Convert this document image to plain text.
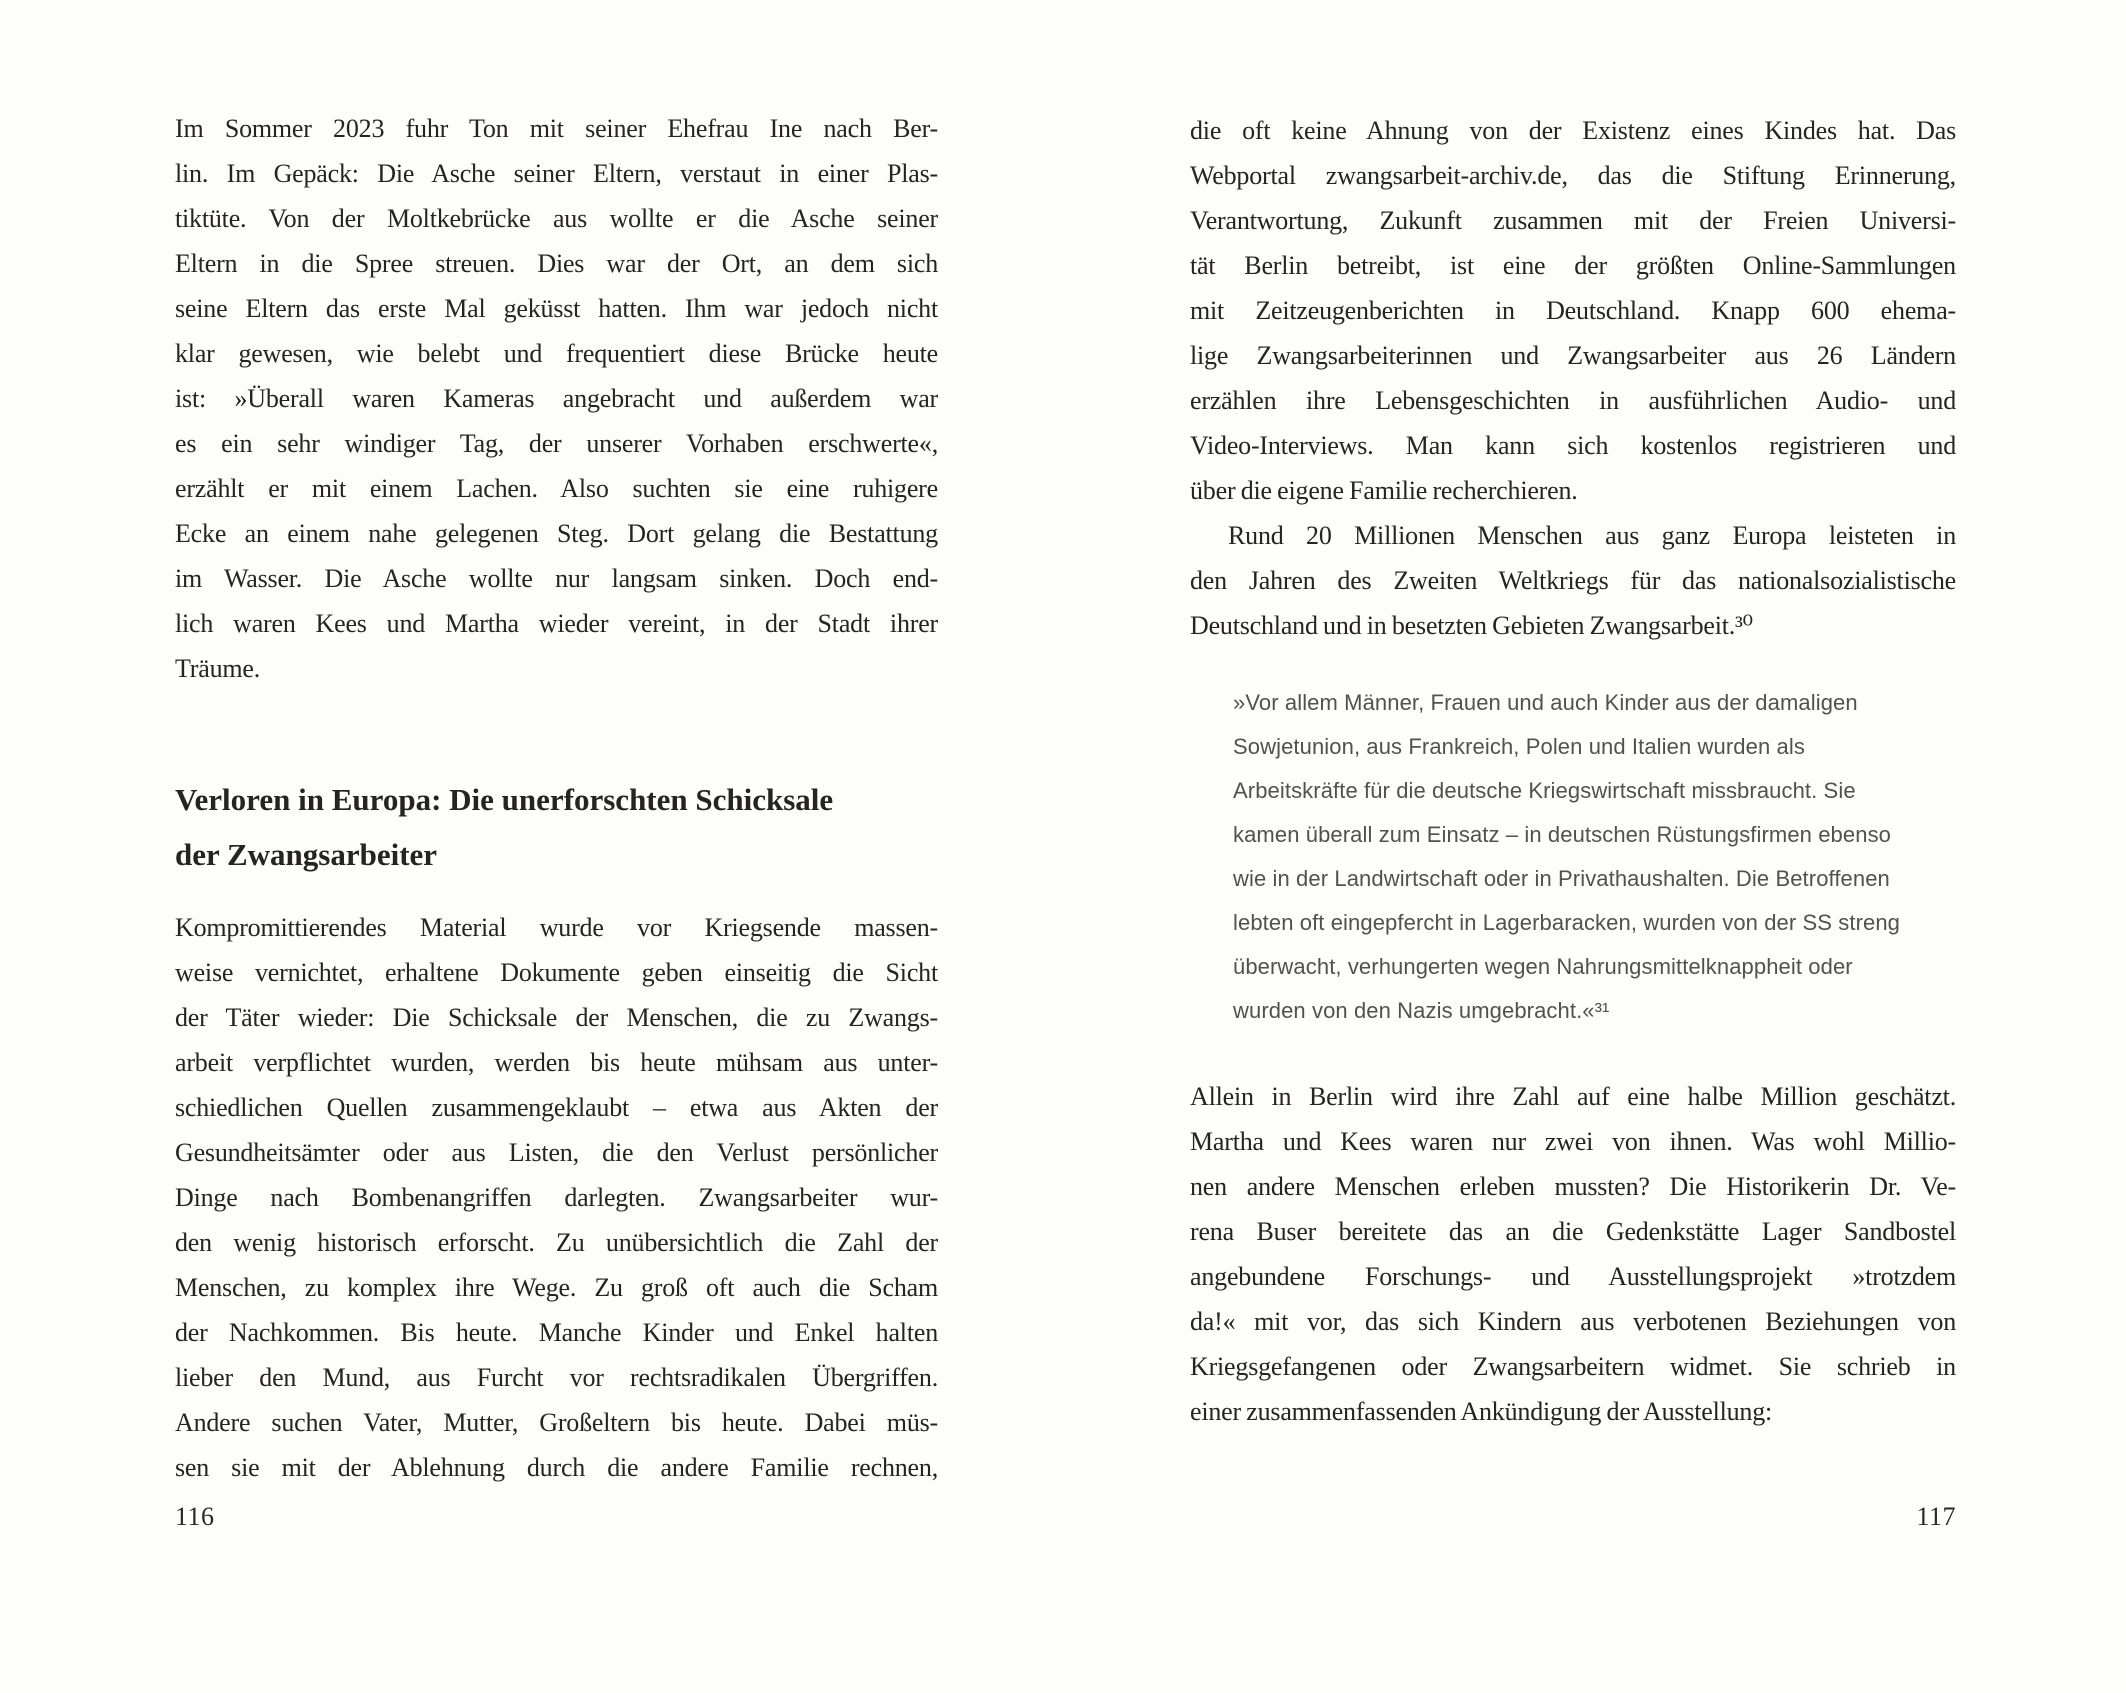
Im Sommer 2023 fuhr Ton mit seiner Ehefrau Ine nach Ber-
lin. Im Gepäck: Die Asche seiner Eltern, verstaut in einer Plas-
tiktüte. Von der Moltkebrücke aus wollte er die Asche seiner
Eltern in die Spree streuen. Dies war der Ort, an dem sich
seine Eltern das erste Mal geküsst hatten. Ihm war jedoch nicht
klar gewesen, wie belebt und frequentiert diese Brücke heute
ist: »Überall waren Kameras angebracht und außerdem war
es ein sehr windiger Tag, der unserer Vorhaben erschwerte«,
erzählt er mit einem Lachen. Also suchten sie eine ruhigere
Ecke an einem nahe gelegenen Steg. Dort gelang die Bestattung
im Wasser. Die Asche wollte nur langsam sinken. Doch end-
lich waren Kees und Martha wieder vereint, in der Stadt ihrer
Träume.
Verloren in Europa: Die unerforschten Schicksale
der Zwangsarbeiter
Kompromittierendes Material wurde vor Kriegsende massen-
weise vernichtet, erhaltene Dokumente geben einseitig die Sicht
der Täter wieder: Die Schicksale der Menschen, die zu Zwangs-
arbeit verpflichtet wurden, werden bis heute mühsam aus unter-
schiedlichen Quellen zusammengeklaubt – etwa aus Akten der
Gesundheitsämter oder aus Listen, die den Verlust persönlicher
Dinge nach Bombenangriffen darlegten. Zwangsarbeiter wur-
den wenig historisch erforscht. Zu unübersichtlich die Zahl der
Menschen, zu komplex ihre Wege. Zu groß oft auch die Scham
der Nachkommen. Bis heute. Manche Kinder und Enkel halten
lieber den Mund, aus Furcht vor rechtsradikalen Übergriffen.
Andere suchen Vater, Mutter, Großeltern bis heute. Dabei müs-
sen sie mit der Ablehnung durch die andere Familie rechnen,
116
die oft keine Ahnung von der Existenz eines Kindes hat. Das
Webportal zwangsarbeit-archiv.de, das die Stiftung Erinnerung,
Verantwortung, Zukunft zusammen mit der Freien Universi-
tät Berlin betreibt, ist eine der größten Online-Sammlungen
mit Zeitzeugenberichten in Deutschland. Knapp 600 ehema-
lige Zwangsarbeiterinnen und Zwangsarbeiter aus 26 Ländern
erzählen ihre Lebensgeschichten in ausführlichen Audio- und
Video-Interviews. Man kann sich kostenlos registrieren und
über die eigene Familie recherchieren.
Rund 20 Millionen Menschen aus ganz Europa leisteten in
den Jahren des Zweiten Weltkriegs für das nationalsozialistische
Deutschland und in besetzten Gebieten Zwangsarbeit.³⁰
»Vor allem Männer, Frauen und auch Kinder aus der damaligen
Sowjetunion, aus Frankreich, Polen und Italien wurden als
Arbeitskräfte für die deutsche Kriegswirtschaft missbraucht. Sie
kamen überall zum Einsatz – in deutschen Rüstungsfirmen ebenso
wie in der Landwirtschaft oder in Privathaushalten. Die Betroffenen
lebten oft eingepfercht in Lagerbaracken, wurden von der SS streng
überwacht, verhungerten wegen Nahrungsmittelknappheit oder
wurden von den Nazis umgebracht.«³¹
Allein in Berlin wird ihre Zahl auf eine halbe Million geschätzt.
Martha und Kees waren nur zwei von ihnen. Was wohl Millio-
nen andere Menschen erleben mussten? Die Historikerin Dr. Ve-
rena Buser bereitete das an die Gedenkstätte Lager Sandbostel
angebundene Forschungs- und Ausstellungsprojekt »trotzdem
da!« mit vor, das sich Kindern aus verbotenen Beziehungen von
Kriegsgefangenen oder Zwangsarbeitern widmet. Sie schrieb in
einer zusammenfassenden Ankündigung der Ausstellung:
117
